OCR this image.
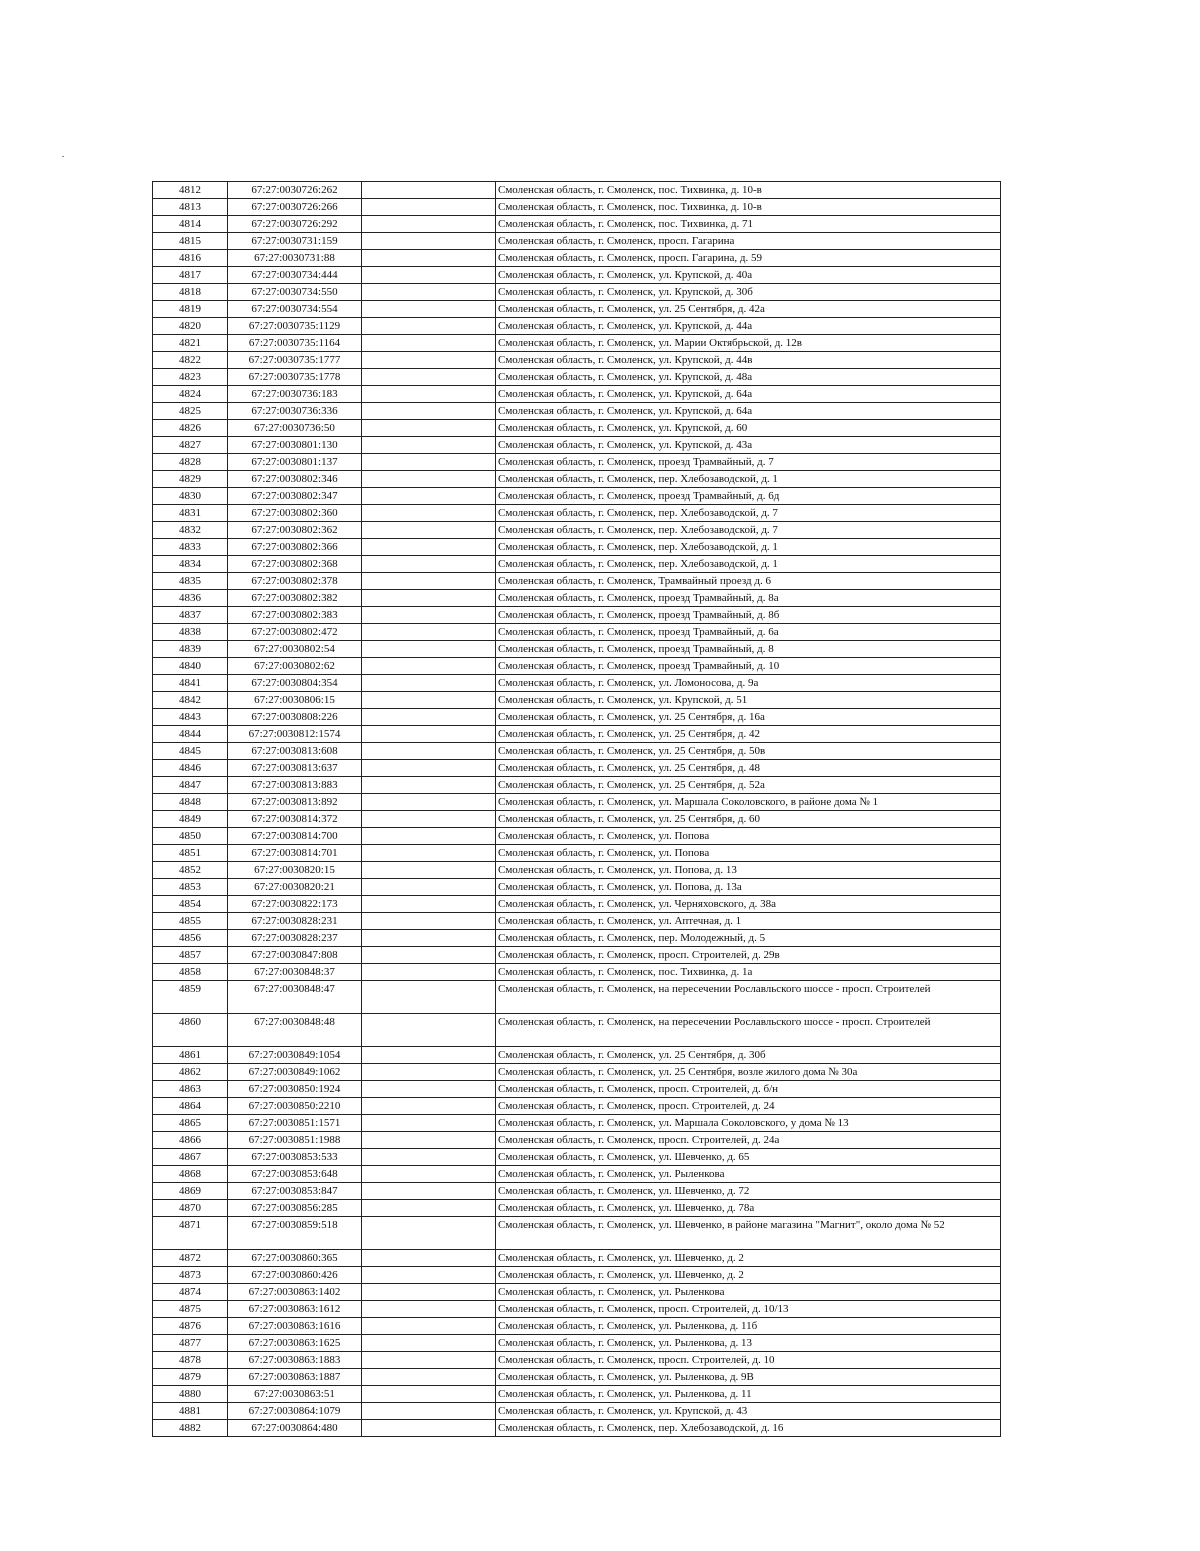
4812	67:27:0030726:262		Смоленская область, г. Смоленск, пос. Тихвинка, д. 10-в
4813	67:27:0030726:266		Смоленская область, г. Смоленск, пос. Тихвинка, д. 10-в
4814	67:27:0030726:292		Смоленская область, г. Смоленск, пос. Тихвинка, д. 71
4815	67:27:0030731:159		Смоленская область, г. Смоленск, просп. Гагарина
4816	67:27:0030731:88		Смоленская область, г. Смоленск, просп. Гагарина, д. 59
4817	67:27:0030734:444		Смоленская область, г. Смоленск, ул. Крупской, д. 40а
4818	67:27:0030734:550		Смоленская область, г. Смоленск, ул. Крупской, д. 30б
4819	67:27:0030734:554		Смоленская область, г. Смоленск, ул. 25 Сентября, д. 42а
4820	67:27:0030735:1129		Смоленская область, г. Смоленск, ул. Крупской, д. 44а
4821	67:27:0030735:1164		Смоленская область, г. Смоленск, ул. Марии Октябрьской, д. 12в
4822	67:27:0030735:1777		Смоленская область, г. Смоленск, ул. Крупской, д. 44в
4823	67:27:0030735:1778		Смоленская область, г. Смоленск, ул. Крупской, д. 48а
4824	67:27:0030736:183		Смоленская область, г. Смоленск, ул. Крупской, д. 64а
4825	67:27:0030736:336		Смоленская область, г. Смоленск, ул. Крупской, д. 64а
4826	67:27:0030736:50		Смоленская область, г. Смоленск, ул. Крупской, д. 60
4827	67:27:0030801:130		Смоленская область, г. Смоленск, ул. Крупской, д. 43а
4828	67:27:0030801:137		Смоленская область, г. Смоленск, проезд Трамвайный, д. 7
4829	67:27:0030802:346		Смоленская область, г. Смоленск, пер. Хлебозаводской, д. 1
4830	67:27:0030802:347		Смоленская область, г. Смоленск, проезд Трамвайный, д. 6д
4831	67:27:0030802:360		Смоленская область, г. Смоленск, пер. Хлебозаводской, д. 7
4832	67:27:0030802:362		Смоленская область, г. Смоленск, пер. Хлебозаводской, д. 7
4833	67:27:0030802:366		Смоленская область, г. Смоленск, пер. Хлебозаводской, д. 1
4834	67:27:0030802:368		Смоленская область, г. Смоленск, пер. Хлебозаводской, д. 1
4835	67:27:0030802:378		Смоленская область, г. Смоленск, Трамвайный проезд д. 6
4836	67:27:0030802:382		Смоленская область, г. Смоленск, проезд Трамвайный, д. 8а
4837	67:27:0030802:383		Смоленская область, г. Смоленск, проезд Трамвайный, д. 8б
4838	67:27:0030802:472		Смоленская область, г. Смоленск, проезд Трамвайный, д. 6а
4839	67:27:0030802:54		Смоленская область, г. Смоленск, проезд Трамвайный, д. 8
4840	67:27:0030802:62		Смоленская область, г. Смоленск, проезд Трамвайный, д. 10
4841	67:27:0030804:354		Смоленская область, г. Смоленск, ул. Ломоносова, д. 9а
4842	67:27:0030806:15		Смоленская область, г. Смоленск, ул. Крупской, д. 51
4843	67:27:0030808:226		Смоленская область, г. Смоленск, ул. 25 Сентября, д. 16а
4844	67:27:0030812:1574		Смоленская область, г. Смоленск, ул. 25 Сентября, д. 42
4845	67:27:0030813:608		Смоленская область, г. Смоленск, ул. 25 Сентября, д. 50в
4846	67:27:0030813:637		Смоленская область, г. Смоленск, ул. 25 Сентября, д. 48
4847	67:27:0030813:883		Смоленская область, г. Смоленск, ул. 25 Сентября, д. 52а
4848	67:27:0030813:892		Смоленская область, г. Смоленск, ул. Маршала Соколовского, в районе дома № 1
4849	67:27:0030814:372		Смоленская область, г. Смоленск, ул. 25 Сентября, д. 60
4850	67:27:0030814:700		Смоленская область, г. Смоленск, ул. Попова
4851	67:27:0030814:701		Смоленская область, г. Смоленск, ул. Попова
4852	67:27:0030820:15		Смоленская область, г. Смоленск, ул. Попова, д. 13
4853	67:27:0030820:21		Смоленская область, г. Смоленск, ул. Попова, д. 13а
4854	67:27:0030822:173		Смоленская область, г. Смоленск, ул. Черняховского, д. 38а
4855	67:27:0030828:231		Смоленская область, г. Смоленск, ул. Аптечная, д. 1
4856	67:27:0030828:237		Смоленская область, г. Смоленск, пер. Молодежный, д. 5
4857	67:27:0030847:808		Смоленская область, г. Смоленск, просп. Строителей, д. 29в
4858	67:27:0030848:37		Смоленская область, г. Смоленск, пос. Тихвинка, д. 1а
4859	67:27:0030848:47		Смоленская область, г. Смоленск, на пересечении Рославльского шоссе - просп. Строителей
4860	67:27:0030848:48		Смоленская область, г. Смоленск, на пересечении Рославльского шоссе - просп. Строителей
4861	67:27:0030849:1054		Смоленская область, г. Смоленск, ул. 25 Сентября, д. 30б
4862	67:27:0030849:1062		Смоленская область, г. Смоленск, ул. 25 Сентября, возле жилого дома № 30а
4863	67:27:0030850:1924		Смоленская область, г. Смоленск, просп. Строителей, д. б/н
4864	67:27:0030850:2210		Смоленская область, г. Смоленск, просп. Строителей, д. 24
4865	67:27:0030851:1571		Смоленская область, г. Смоленск, ул. Маршала Соколовского, у дома № 13
4866	67:27:0030851:1988		Смоленская область, г. Смоленск, просп. Строителей, д. 24а
4867	67:27:0030853:533		Смоленская область, г. Смоленск, ул. Шевченко, д. 65
4868	67:27:0030853:648		Смоленская область, г. Смоленск, ул. Рыленкова
4869	67:27:0030853:847		Смоленская область, г. Смоленск, ул. Шевченко, д. 72
4870	67:27:0030856:285		Смоленская область, г. Смоленск, ул. Шевченко, д. 78а
4871	67:27:0030859:518		Смоленская область, г. Смоленск, ул. Шевченко, в районе магазина "Магнит", около дома № 52
4872	67:27:0030860:365		Смоленская область, г. Смоленск, ул. Шевченко, д. 2
4873	67:27:0030860:426		Смоленская область, г. Смоленск, ул. Шевченко, д. 2
4874	67:27:0030863:1402		Смоленская область, г. Смоленск, ул. Рыленкова
4875	67:27:0030863:1612		Смоленская область, г. Смоленск, просп. Строителей, д. 10/13
4876	67:27:0030863:1616		Смоленская область, г. Смоленск, ул. Рыленкова, д. 11б
4877	67:27:0030863:1625		Смоленская область, г. Смоленск, ул. Рыленкова, д. 13
4878	67:27:0030863:1883		Смоленская область, г. Смоленск, просп. Строителей, д. 10
4879	67:27:0030863:1887		Смоленская область, г. Смоленск, ул. Рыленкова, д. 9В
4880	67:27:0030863:51		Смоленская область, г. Смоленск, ул. Рыленкова, д. 11
4881	67:27:0030864:1079		Смоленская область, г. Смоленск, ул. Крупской, д. 43
4882	67:27:0030864:480		Смоленская область, г. Смоленск, пер. Хлебозаводской, д. 16
